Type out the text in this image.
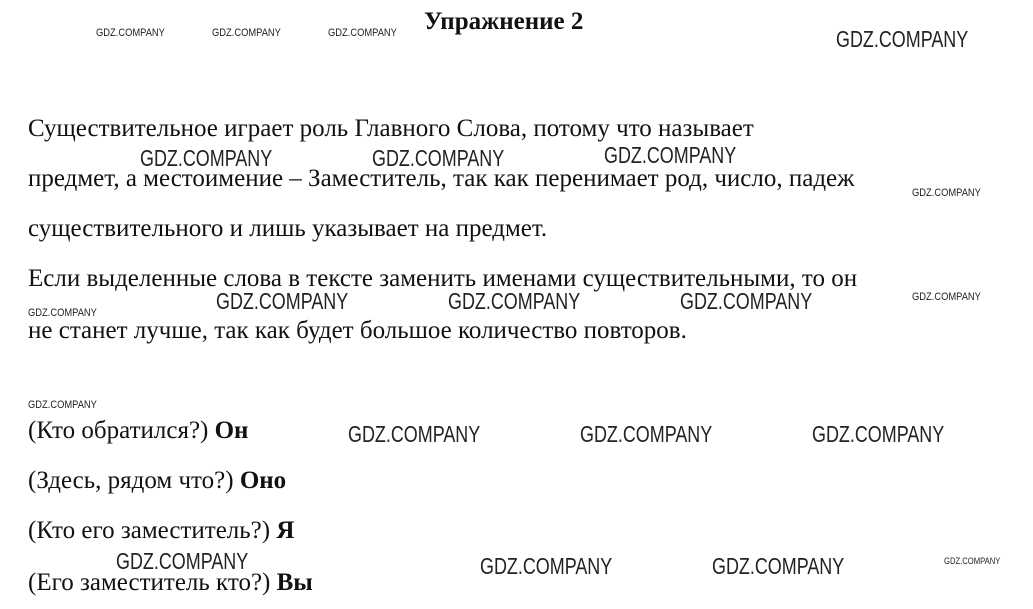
Упражнение 2
Существительное играет роль Главного Слова, потому что называет
предмет, а местоимение – Заместитель, так как перенимает род, число, падеж
существительного и лишь указывает на предмет.
Если выделенные слова в тексте заменить именами существительными, то он
не станет лучше, так как будет большое количество повторов.
(Кто обратился?) Он
(Здесь, рядом что?) Оно
(Кто его заместитель?) Я
(Его заместитель кто?) Вы
GDZ.COMPANY	GDZ.COMPANY	GDZ.COMPANY	GDZ.COMPANY
GDZ.COMPANY	GDZ.COMPANY	GDZ.COMPANY
GDZ.COMPANY
GDZ.COMPANY	GDZ.COMPANY	GDZ.COMPANY	GDZ.COMPANY
GDZ.COMPANY
GDZ.COMPANY
GDZ.COMPANY	GDZ.COMPANY	GDZ.COMPANY
GDZ.COMPANY	GDZ.COMPANY	GDZ.COMPANY	GDZ.COMPANY
